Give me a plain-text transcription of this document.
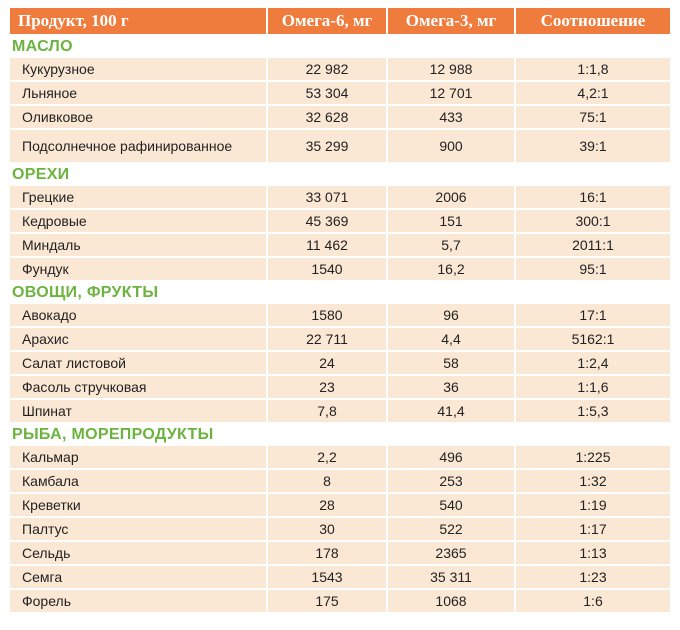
Продукт, 100 г	Омега-6, мг	Омега-3, мг	Соотношение
МАСЛО
Кукурузное	22 982	12 988	1:1,8
Льняное	53 304	12 701	4,2:1
Оливковое	32 628	433	75:1
Подсолнечное рафинированное	35 299	900	39:1
ОРЕХИ
Грецкие	33 071	2006	16:1
Кедровые	45 369	151	300:1
Миндаль	11 462	5,7	2011:1
Фундук	1540	16,2	95:1
ОВОЩИ, ФРУКТЫ
Авокадо	1580	96	17:1
Арахис	22 711	4,4	5162:1
Салат листовой	24	58	1:2,4
Фасоль стручковая	23	36	1:1,6
Шпинат	7,8	41,4	1:5,3
РЫБА, МОРЕПРОДУКТЫ
Кальмар	2,2	496	1:225
Камбала	8	253	1:32
Креветки	28	540	1:19
Палтус	30	522	1:17
Сельдь	178	2365	1:13
Семга	1543	35 311	1:23
Форель	175	1068	1:6
